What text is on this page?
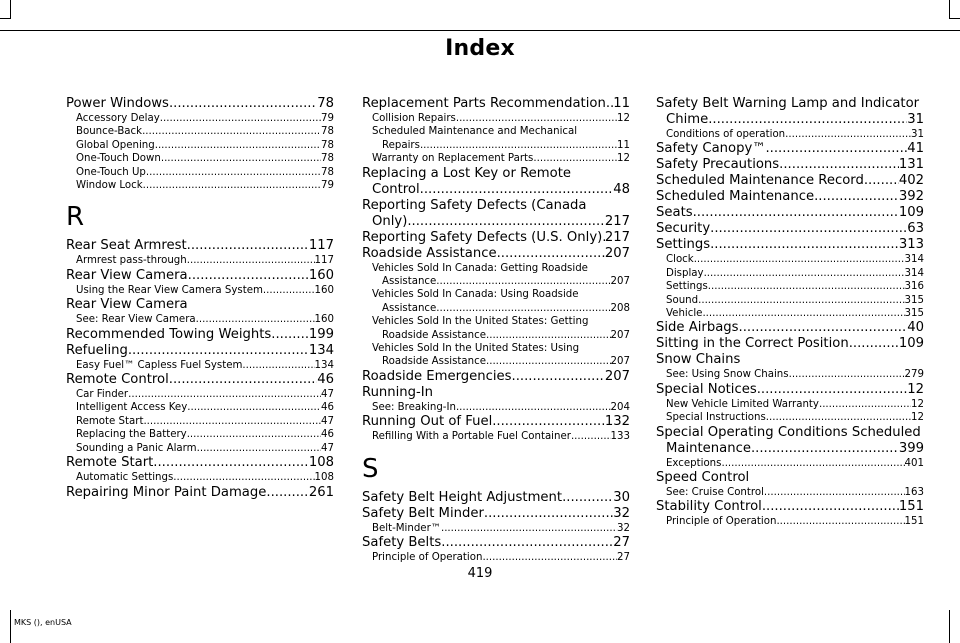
Index
Power Windows .....	78
Accessory Delay .....	79
Bounce-Back .....	78
Global Opening .....	78
One-Touch Down .....	78
One-Touch Up .....	78
Window Lock .....	79
R
Rear Seat Armrest .....	117
Armrest pass-through .....	117
Rear View Camera .....	160
Using the Rear View Camera System .....	160
Rear View Camera
See: Rear View Camera .....	160
Recommended Towing Weights .....	199
Refueling .....	134
Easy Fuel™ Capless Fuel System .....	134
Remote Control .....	46
Car Finder .....	47
Intelligent Access Key .....	46
Remote Start .....	47
Replacing the Battery .....	46
Sounding a Panic Alarm .....	47
Remote Start .....	108
Automatic Settings .....	108
Repairing Minor Paint Damage .....	261
Replacement Parts Recommendation ..... 11
Collision Repairs .....	12
Scheduled Maintenance and Mechanical
Repairs .....	11
Warranty on Replacement Parts .....	12
Replacing a Lost Key or Remote
Control .....	48
Reporting Safety Defects (Canada
Only) .....	217
Reporting Safety Defects (U.S. Only) ..... 217
Roadside Assistance .....	207
Vehicles Sold In Canada: Getting Roadside
Assistance .....	207
Vehicles Sold In Canada: Using Roadside
Assistance .....	208
Vehicles Sold In the United States: Getting
Roadside Assistance .....	207
Vehicles Sold In the United States: Using
Roadside Assistance .....	207
Roadside Emergencies .....	207
Running-In
See: Breaking-In .....	204
Running Out of Fuel .....	132
Refilling With a Portable Fuel Container .....	133
S
Safety Belt Height Adjustment .....	30
Safety Belt Minder .....	32
Belt-Minder™ .....	32
Safety Belts .....	27
Principle of Operation .....	27
Safety Belt Warning Lamp and Indicator
Chime .....	31
Conditions of operation .....	31
Safety Canopy™ .....	41
Safety Precautions .....	131
Scheduled Maintenance Record .....	402
Scheduled Maintenance .....	392
Seats .....	109
Security .....	63
Settings .....	313
Clock .....	314
Display .....	314
Settings .....	316
Sound .....	315
Vehicle .....	315
Side Airbags .....	40
Sitting in the Correct Position .....	109
Snow Chains
See: Using Snow Chains .....	279
Special Notices .....	12
New Vehicle Limited Warranty .....	12
Special Instructions .....	12
Special Operating Conditions Scheduled
Maintenance .....	399
Exceptions .....	401
Speed Control
See: Cruise Control .....	163
Stability Control .....	151
Principle of Operation .....	151
419
MKS (), enUSA
